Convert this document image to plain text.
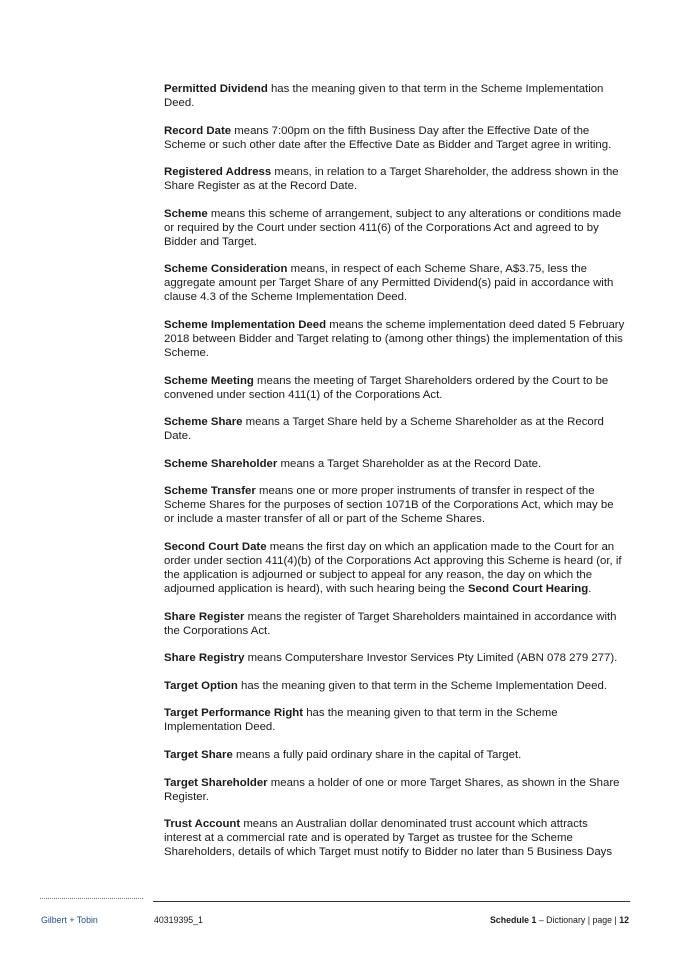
Permitted Dividend has the meaning given to that term in the Scheme Implementation Deed.

Record Date means 7:00pm on the fifth Business Day after the Effective Date of the Scheme or such other date after the Effective Date as Bidder and Target agree in writing.

Registered Address means, in relation to a Target Shareholder, the address shown in the Share Register as at the Record Date.

Scheme means this scheme of arrangement, subject to any alterations or conditions made or required by the Court under section 411(6) of the Corporations Act and agreed to by Bidder and Target.

Scheme Consideration means, in respect of each Scheme Share, A$3.75, less the aggregate amount per Target Share of any Permitted Dividend(s) paid in accordance with clause 4.3 of the Scheme Implementation Deed.

Scheme Implementation Deed means the scheme implementation deed dated 5 February 2018 between Bidder and Target relating to (among other things) the implementation of this Scheme.

Scheme Meeting means the meeting of Target Shareholders ordered by the Court to be convened under section 411(1) of the Corporations Act.

Scheme Share means a Target Share held by a Scheme Shareholder as at the Record Date.

Scheme Shareholder means a Target Shareholder as at the Record Date.

Scheme Transfer means one or more proper instruments of transfer in respect of the Scheme Shares for the purposes of section 1071B of the Corporations Act, which may be or include a master transfer of all or part of the Scheme Shares.

Second Court Date means the first day on which an application made to the Court for an order under section 411(4)(b) of the Corporations Act approving this Scheme is heard (or, if the application is adjourned or subject to appeal for any reason, the day on which the adjourned application is heard), with such hearing being the Second Court Hearing.

Share Register means the register of Target Shareholders maintained in accordance with the Corporations Act.

Share Registry means Computershare Investor Services Pty Limited (ABN 078 279 277).

Target Option has the meaning given to that term in the Scheme Implementation Deed.

Target Performance Right has the meaning given to that term in the Scheme Implementation Deed.

Target Share means a fully paid ordinary share in the capital of Target.

Target Shareholder means a holder of one or more Target Shares, as shown in the Share Register.

Trust Account means an Australian dollar denominated trust account which attracts interest at a commercial rate and is operated by Target as trustee for the Scheme Shareholders, details of which Target must notify to Bidder no later than 5 Business Days

Gilbert + Tobin	40319395_1	Schedule 1 – Dictionary | page | 12
